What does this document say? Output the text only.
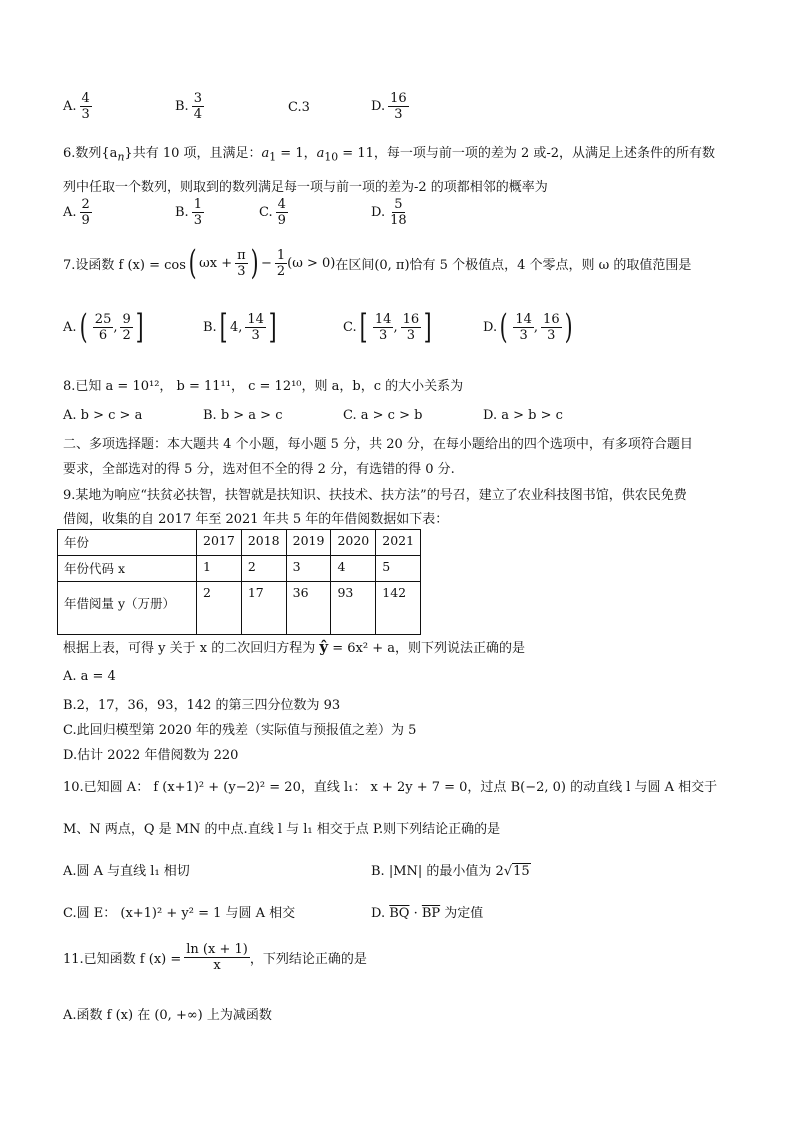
A. $\frac{4}{3}$	B. $\frac{3}{4}$	C.3	D. $\frac{16}{3}$
6.数列$\{a_n\}$共有 10 项，且满足：$a_1 = 1$，$a_{10} = 11$，每一项与前一项的差为 2 或-2，从满足上述条件的所有数
列中任取一个数列，则取到的数列满足每一项与前一项的差为-2 的项都相邻的概率为
A. $\frac{2}{9}$	B. $\frac{1}{3}$	C. $\frac{4}{9}$	D. $\frac{5}{18}$
7.设函数 f (x) = cos ( $\omega x + \frac{\pi}{3}$ ) − $\frac{1}{2} (\omega > 0)$ 在区间(0, π)恰有 5 个极值点，4 个零点，则 ω 的取值范围是
A. ( $\frac{25}{6}$ , $\frac{9}{2}$ ]	B. [ 4, $\frac{14}{3}$ ]	C. [ $\frac{14}{3}$ , $\frac{16}{3}$ ]	D. ( $\frac{14}{3}$ , $\frac{16}{3}$ )
8.已知 a = 10¹²， b = 11¹¹， c = 12¹⁰，则 a，b，c 的大小关系为
A. b > c > a	B. b > a > c	C. a > c > b	D. a > b > c
二、多项选择题：本大题共 4 个小题，每小题 5 分，共 20 分，在每小题给出的四个选项中，有多项符合题目
要求，全部选对的得 5 分，选对但不全的得 2 分，有选错的得 0 分.
9.某地为响应“扶贫必扶智，扶智就是扶知识、扶技术、扶方法”的号召，建立了农业科技图书馆，供农民免费
借阅，收集的自 2017 年至 2021 年共 5 年的年借阅数据如下表：
年份	2017	2018	2019	2020	2021
年份代码 x	1	2	3	4	5
年借阅量 y（万册）	2	17	36	93	142
根据上表，可得 y 关于 x 的二次回归方程为 ŷ = 6x² + a，则下列说法正确的是
A. a = 4
B.2，17，36，93，142 的第三四分位数为 93
C.此回归模型第 2020 年的残差（实际值与预报值之差）为 5
D.估计 2022 年借阅数为 220
10.已知圆 A： f (x+1)² + (y−2)² = 20，直线 l₁： x + 2y + 7 = 0，过点 B(−2, 0) 的动直线 l 与圆 A 相交于
M、N 两点，Q 是 MN 的中点.直线 l 与 l₁ 相交于点 P.则下列结论正确的是
A.圆 A 与直线 l₁ 相切	B. |MN| 的最小值为 2√15
C.圆 E： (x+1)² + y² = 1 与圆 A 相交	D. $\overline{BQ} \cdot \overline{BP}$ 为定值
11.已知函数 f $(x) = \frac{\ln (x + 1)}{x}$ ，下列结论正确的是
A.函数 f (x) 在 (0, +∞) 上为减函数
